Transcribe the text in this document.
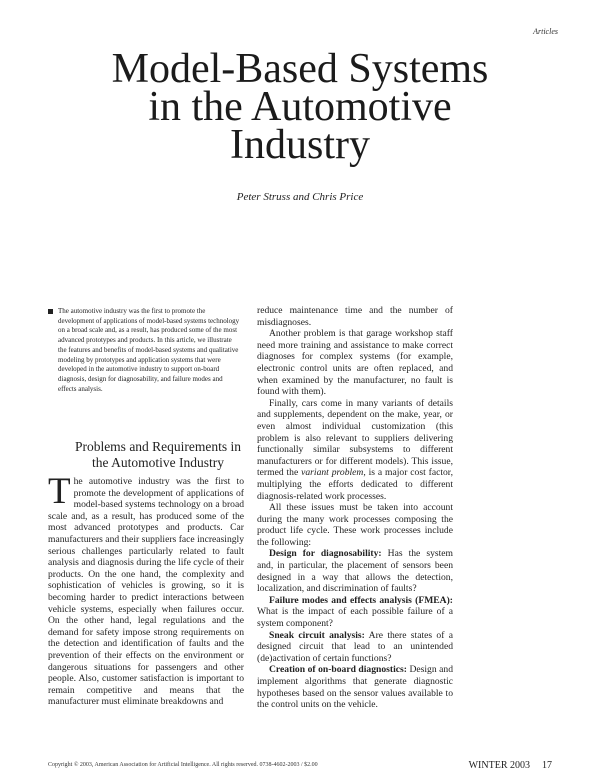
Articles
Model-Based Systems
in the Automotive
Industry
Peter Struss and Chris Price
The automotive industry was the first to promote the development of applications of model-based systems technology on a broad scale and, as a result, has produced some of the most advanced prototypes and products. In this article, we illustrate the features and benefits of model-based systems and qualitative modeling by prototypes and application systems that were developed in the automotive industry to support on-board diagnosis, design for diagnosability, and failure modes and effects analysis.
Problems and Requirements in
the Automotive Industry
The automotive industry was the first to promote the development of applications of model-based systems technology on a broad scale and, as a result, has produced some of the most advanced prototypes and products. Car manufacturers and their suppliers face increasingly serious challenges particularly related to fault analysis and diagnosis during the life cycle of their products. On the one hand, the complexity and sophistication of vehicles is growing, so it is becoming harder to predict interactions between vehicle systems, especially when failures occur. On the other hand, legal regulations and the demand for safety impose strong requirements on the detection and identification of faults and the prevention of their effects on the environment or dangerous situations for passengers and other people. Also, customer satisfaction is important to remain competitive and means that the manufacturer must eliminate breakdowns and

reduce maintenance time and the number of misdiagnoses.

Another problem is that garage workshop staff need more training and assistance to make correct diagnoses for complex systems (for example, electronic control units are often replaced, and when examined by the manufacturer, no fault is found with them).

Finally, cars come in many variants of details and supplements, dependent on the make, year, or even almost individual customization (this problem is also relevant to suppliers delivering functionally similar subsystems to different manufacturers or for different models). This issue, termed the variant problem, is a major cost factor, multiplying the efforts dedicated to different diagnosis-related work processes.

All these issues must be taken into account during the many work processes composing the product life cycle. These work processes include the following:

Design for diagnosability: Has the system and, in particular, the placement of sensors been designed in a way that allows the detection, localization, and discrimination of faults?

Failure modes and effects analysis (FMEA): What is the impact of each possible failure of a system component?

Sneak circuit analysis: Are there states of a designed circuit that lead to an unintended (de)activation of certain functions?

Creation of on-board diagnostics: Design and implement algorithms that generate diagnostic hypotheses based on the sensor values available to the control units on the vehicle.

Copyright © 2003, American Association for Artificial Intelligence. All rights reserved. 0738-4602-2003 / $2.00	WINTER 2003 17
